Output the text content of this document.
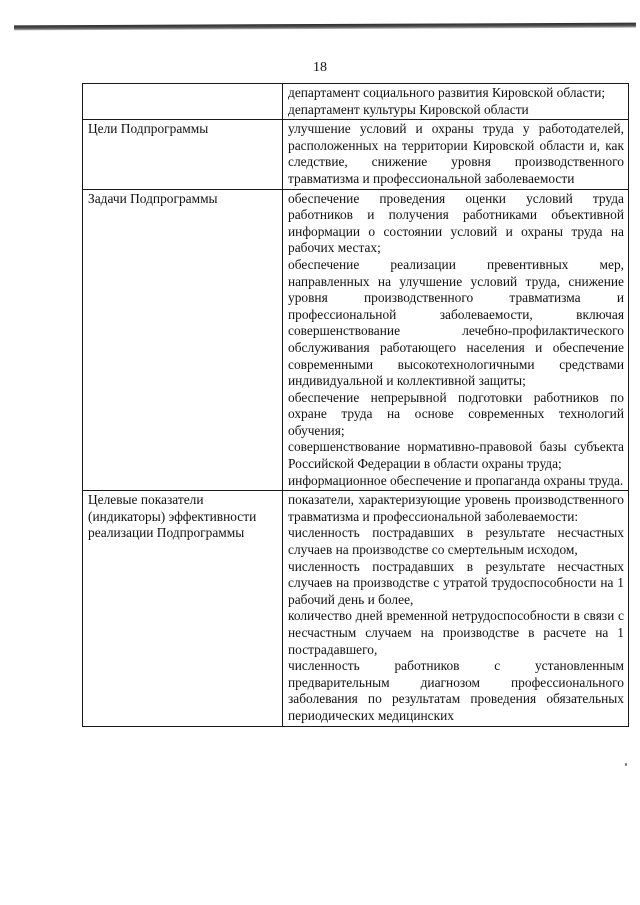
18

	департамент социального развития Кировской области;

департамент культуры Кировской области

Цели Подпрограммы	улучшение условий и охраны труда у работодателей, расположенных на территории Кировской области и, как следствие, снижение уровня производственного травматизма и профессиональной заболеваемости

Задачи Подпрограммы	обеспечение проведения оценки условий труда работников и получения работниками объективной информации о состоянии условий и охраны труда на рабочих местах;

обеспечение реализации превентивных мер, направленных на улучшение условий труда, снижение уровня производственного травматизма и профессиональной заболеваемости, включая совершенствование лечебно-профилактического обслуживания работающего населения и обеспечение современными высокотехнологичными средствами индивидуальной и коллективной защиты;

обеспечение непрерывной подготовки работников по охране труда на основе современных технологий обучения;

совершенствование нормативно-правовой базы субъекта Российской Федерации в области охраны труда;

информационное обеспечение и пропаганда охраны труда.

Целевые показатели (индикаторы) эффективности реализации Подпрограммы	показатели, характеризующие уровень производственного травматизма и профессиональной заболеваемости:

численность пострадавших в результате несчастных случаев на производстве со смертельным исходом,

численность пострадавших в результате несчастных случаев на производстве с утратой трудоспособности на 1 рабочий день и более,

количество дней временной нетрудоспособности в связи с несчастным случаем на производстве в расчете на 1 пострадавшего,

численность работников с установленным предварительным диагнозом профессионального заболевания по результатам проведения обязательных периодических медицинских
